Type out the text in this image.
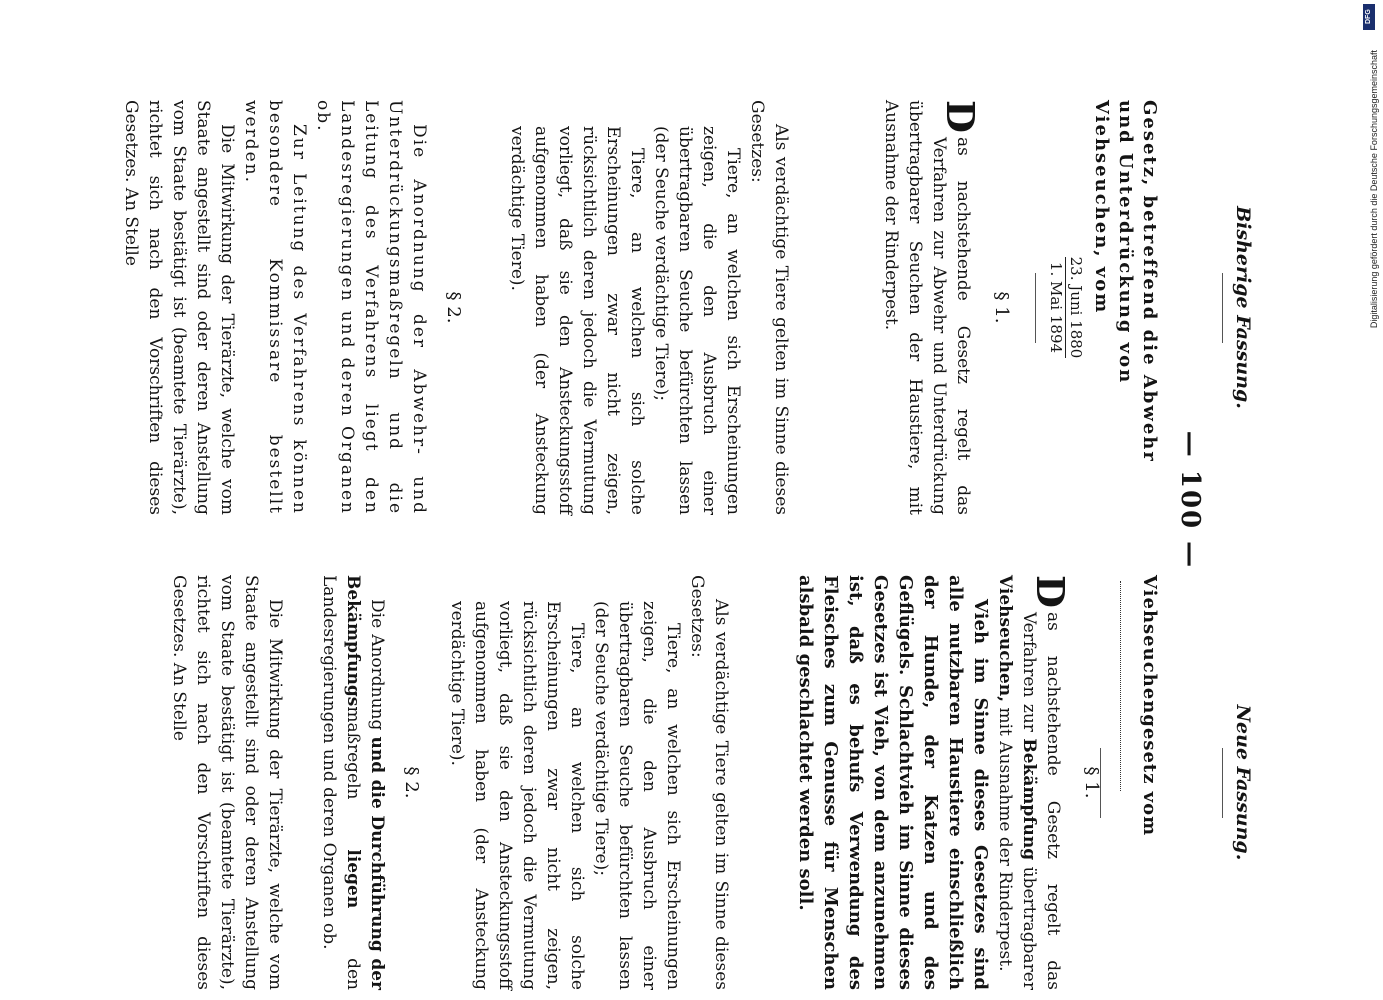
— 100 —
Bisherige Fassung.
Gesetz, betreffend die Abwehr und Unterdrückung von Viehseuchen, vom
23. Juni 1880
1. Mai 1894

§ 1.

D
as nachstehende Gesetz regelt das Verfahren zur Abwehr und Unterdrückung übertragbarer Seuchen der Haustiere, mit Ausnahme der Rinderpest.

Als verdächtige Tiere gelten im Sinne dieses Gesetzes:

Tiere, an welchen sich Erscheinungen zeigen, die den Ausbruch einer übertragbaren Seuche befürchten lassen (der Seuche verdächtige Tiere);

Tiere, an welchen sich solche Erscheinungen zwar nicht zeigen, rücksichtlich deren jedoch die Vermutung vorliegt, daß sie den Ansteckungsstoff aufgenommen haben (der Ansteckung verdächtige Tiere).

§ 2.

Die Anordnung der Abwehr- und Unterdrückungsmaßregeln und die Leitung des Verfahrens liegt den Landesregierungen und deren Organen ob.

Zur Leitung des Verfahrens können besondere Kommissare bestellt werden.

Die Mitwirkung der Tierärzte, welche vom Staate angestellt sind oder deren Anstellung vom Staate bestätigt ist (beamtete Tierärzte), richtet sich nach den Vorschriften dieses Gesetzes. An Stelle

Neue Fassung.
Viehseuchengesetz vom

§ 1.

D
as nachstehende Gesetz regelt das Verfahren zur Bekämpfung übertragbarer Viehseuchen, mit Ausnahme der Rinderpest.

Vieh im Sinne dieses Gesetzes sind alle nutzbaren Haustiere einschließlich der Hunde, der Katzen und des Geflügels. Schlachtvieh im Sinne dieses Gesetzes ist Vieh, von dem anzunehmen ist, daß es behufs Verwendung des Fleisches zum Genusse für Menschen alsbald geschlachtet werden soll.

Als verdächtige Tiere gelten im Sinne dieses Gesetzes:

Tiere, an welchen sich Erscheinungen zeigen, die den Ausbruch einer übertragbaren Seuche befürchten lassen (der Seuche verdächtige Tiere);

Tiere, an welchen sich solche Erscheinungen zwar nicht zeigen, rücksichtlich deren jedoch die Vermutung vorliegt, daß sie den Ansteckungsstoff aufgenommen haben (der Ansteckung verdächtige Tiere).

§ 2.

Die Anordnung und die Durchführung der Bekämpfungsmaßregeln liegen den Landesregierungen und deren Organen ob.

Die Mitwirkung der Tierärzte, welche vom Staate angestellt sind oder deren Anstellung vom Staate bestätigt ist (beamtete Tierärzte), richtet sich nach den Vorschriften dieses Gesetzes. An Stelle

DFG
Digitalisierung gefördert durch die Deutsche Forschungsgemeinschaft
